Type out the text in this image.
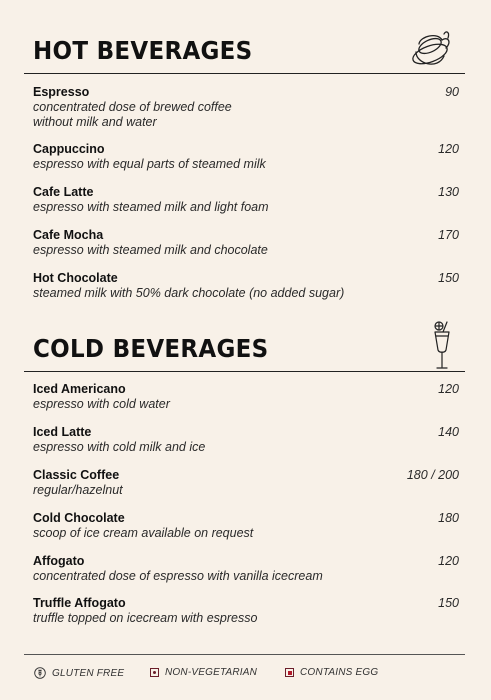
HOT BEVERAGES
Espresso
concentrated dose of brewed coffee
without milk and water
90
Cappuccino
espresso with equal parts of steamed milk
120
Cafe Latte
espresso with steamed milk and light foam
130
Cafe Mocha
espresso with steamed milk and chocolate
170
Hot Chocolate
steamed milk with 50% dark chocolate (no added sugar)
150
COLD BEVERAGES
Iced Americano
espresso with cold water
120
Iced Latte
espresso with cold milk and ice
140
Classic Coffee
regular/hazelnut
180 / 200
Cold Chocolate
scoop of ice cream available on request
180
Affogato
concentrated dose of espresso with vanilla icecream
120
Truffle Affogato
truffle topped on icecream with espresso
150
GLUTEN FREE	NON-VEGETARIAN	CONTAINS EGG
